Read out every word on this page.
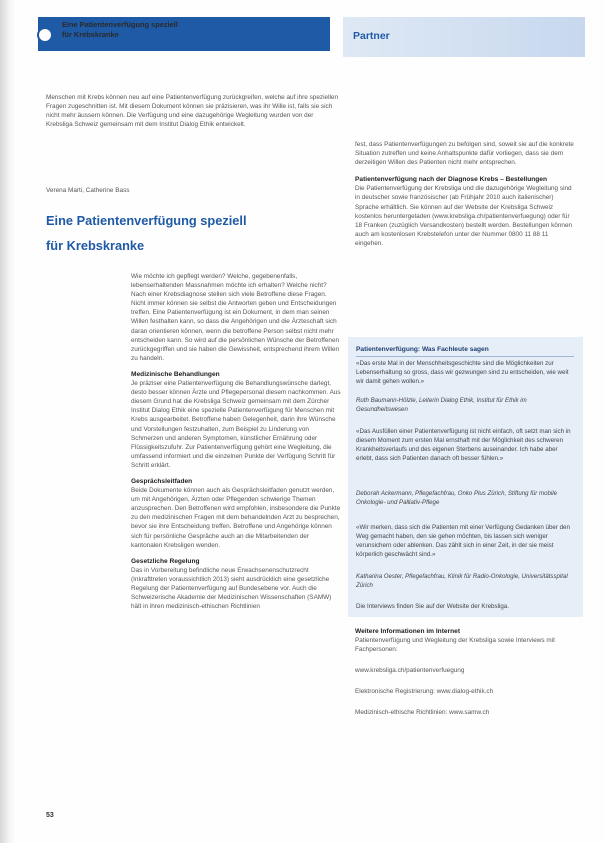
Eine Patientenverfügung speziell
für Krebskranke	Partner

Menschen mit Krebs können neu auf eine Patientenverfügung zurückgreifen, welche auf ihre speziellen Fragen zugeschnitten ist. Mit diesem Dokument können sie präzisieren, was ihr Wille ist, falls sie sich nicht mehr äussern können. Die Verfügung und eine dazugehörige Wegleitung wurden von der Krebsliga Schweiz gemeinsam mit dem Institut Dialog Ethik entwickelt.

Verena Marti, Catherine Bass
Eine Patientenverfügung speziell
für Krebskranke

Wie möchte ich gepflegt werden? Welche, gegebenenfalls, lebenserhaltenden Massnahmen möchte ich erhalten? Welche nicht? Nach einer Krebsdiagnose stellen sich viele Betroffene diese Fragen. Nicht immer können sie selbst die Antworten geben und Entscheidungen treffen. Eine Patientenverfügung ist ein Dokument, in dem man seinen Willen festhalten kann, so dass die Angehörigen und die Ärzteschaft sich daran orientieren können, wenn die betroffene Person selbst nicht mehr entscheiden kann. So wird auf die persönlichen Wünsche der Betroffenen zurückgegriffen und sie haben die Gewissheit, entsprechend ihrem Willen zu handeln.

Medizinische Behandlungen

Je präziser eine Patientenverfügung die Behandlungswünsche darlegt, desto besser können Ärzte und Pflegepersonal diesem nachkommen. Aus diesem Grund hat die Krebsliga Schweiz gemeinsam mit dem Zürcher Institut Dialog Ethik eine spezielle Patientenverfügung für Menschen mit Krebs ausgearbeitet. Betroffene haben Gelegenheit, darin ihre Wünsche und Vorstellungen festzuhalten, zum Beispiel zu Linderung von Schmerzen und anderen Symptomen, künstlicher Ernährung oder Flüssigkeitszufuhr. Zur Patientenverfügung gehört eine Wegleitung, die umfassend informiert und die einzelnen Punkte der Verfügung Schritt für Schritt erklärt.

Gesprächsleitfaden

Beide Dokumente können auch als Gesprächsleitfaden genutzt werden, um mit Angehörigen, Ärzten oder Pflegenden schwierige Themen anzusprechen. Den Betroffenen wird empfohlen, insbesondere die Punkte zu den medizinischen Fragen mit dem behandelnden Arzt zu besprechen, bevor sie ihre Entscheidung treffen. Betroffene und Angehörige können sich für persönliche Gespräche auch an die Mitarbeitenden der kantonalen Krebsligen wenden.

Gesetzliche Regelung

Das in Vorbereitung befindliche neue Erwachsenenschutzrecht (Inkrafttreten voraussichtlich 2013) sieht ausdrücklich eine gesetzliche Regelung der Patientenverfügung auf Bundesebene vor. Auch die Schweizerische Akademie der Medizinischen Wissenschaften (SAMW) hält in ihren medizinisch-ethischen Richtlinien

fest, dass Patientenverfügungen zu befolgen sind, soweit sie auf die konkrete Situation zutreffen und keine Anhaltspunkte dafür vorliegen, dass sie dem derzeitigen Willen des Patienten nicht mehr entsprechen.

Patientenverfügung nach der Diagnose Krebs – Bestellungen

Die Patientenverfügung der Krebsliga und die dazugehörige Wegleitung sind in deutscher sowie französischer (ab Frühjahr 2010 auch italienischer) Sprache erhältlich. Sie können auf der Website der Krebsliga Schweiz kostenlos heruntergeladen (www.krebsliga.ch/patientenverfuegung) oder für 18 Franken (zuzüglich Versandkosten) bestellt werden. Bestellungen können auch am kostenlosen Krebstelefon unter der Nummer 0800 11 88 11 eingehen.

Patientenverfügung: Was Fachleute sagen
«Das erste Mal in der Menschheitsgeschichte sind die Möglichkeiten zur Lebenserhaltung so gross, dass wir gezwungen sind zu entscheiden, wie weit wir damit gehen wollen.»
Ruth Baumann-Hölzle, Leiterin Dialog Ethik, Institut für Ethik im Gesundheitswesen
«Das Ausfüllen einer Patientenverfügung ist nicht einfach, oft setzt man sich in diesem Moment zum ersten Mal ernsthaft mit der Möglichkeit des schweren Krankheitsverlaufs und des eigenen Sterbens auseinander. Ich habe aber erlebt, dass sich Patienten danach oft besser fühlen.»
Deborah Ackermann, Pflegefachfrau, Onko Plus Zürich, Stiftung für mobile Onkologie- und Palliativ-Pflege
«Wir merken, dass sich die Patienten mit einer Verfügung Gedanken über den Weg gemacht haben, den sie gehen möchten, bis lassen sich weniger verunsichern oder ablenken. Das zählt sich in einer Zeit, in der sie meist körperlich geschwächt sind.»
Katharina Oester, Pflegefachfrau, Klinik für Radio-Onkologie, Universitätsspital Zürich
Die Interviews finden Sie auf der Website der Krebsliga.

Weitere Informationen im Internet

Patientenverfügung und Wegleitung der Krebsliga sowie Interviews mit Fachpersonen:

www.krebsliga.ch/patientenverfuegung

Elektronische Registrierung: www.dialog-ethik.ch

Medizinisch-ethische Richtlinien: www.samw.ch

53
